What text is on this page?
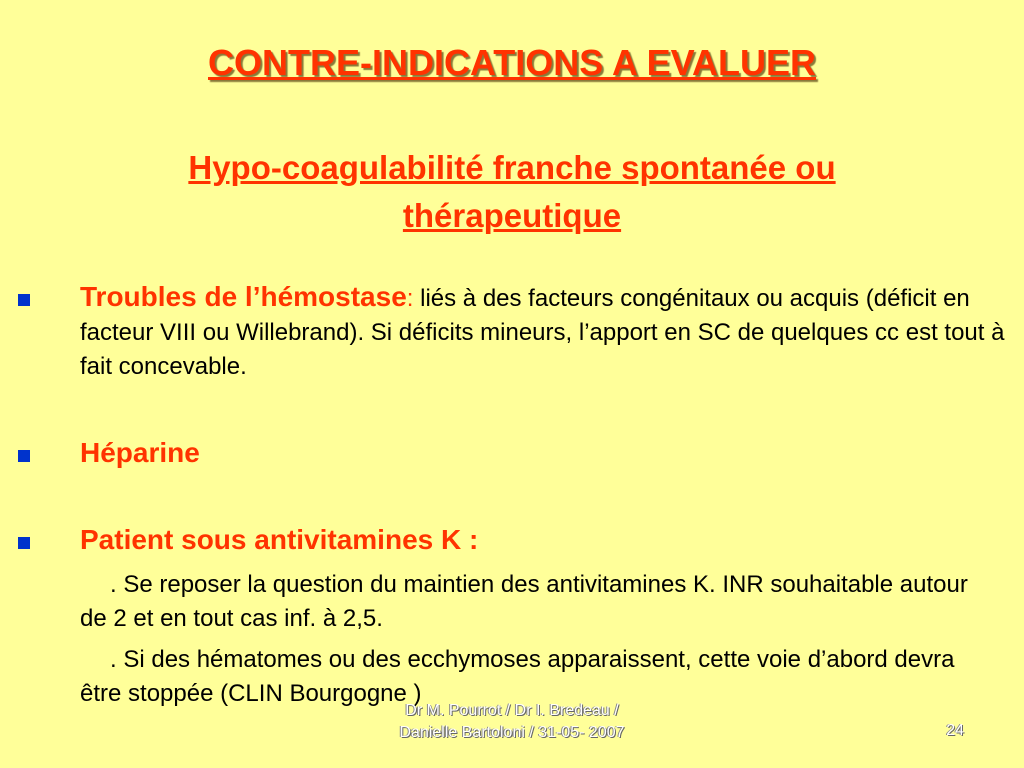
CONTRE-INDICATIONS A EVALUER
Hypo-coagulabilité franche spontanée ou
thérapeutique
Troubles de l’hémostase: liés à des facteurs congénitaux ou acquis (déficit en facteur VIII ou Willebrand). Si déficits mineurs, l’apport en SC de quelques cc est tout à fait concevable.
Héparine
Patient sous antivitamines K :
. Se reposer la question du maintien des antivitamines K. INR souhaitable autour de 2 et en tout cas inf. à 2,5.
. Si des hématomes ou des ecchymoses apparaissent, cette voie d’abord devra être stoppée (CLIN Bourgogne )
Dr M. Pourrot / Dr I. Bredeau /
Danielle Bartoloni / 31-05- 2007	24
